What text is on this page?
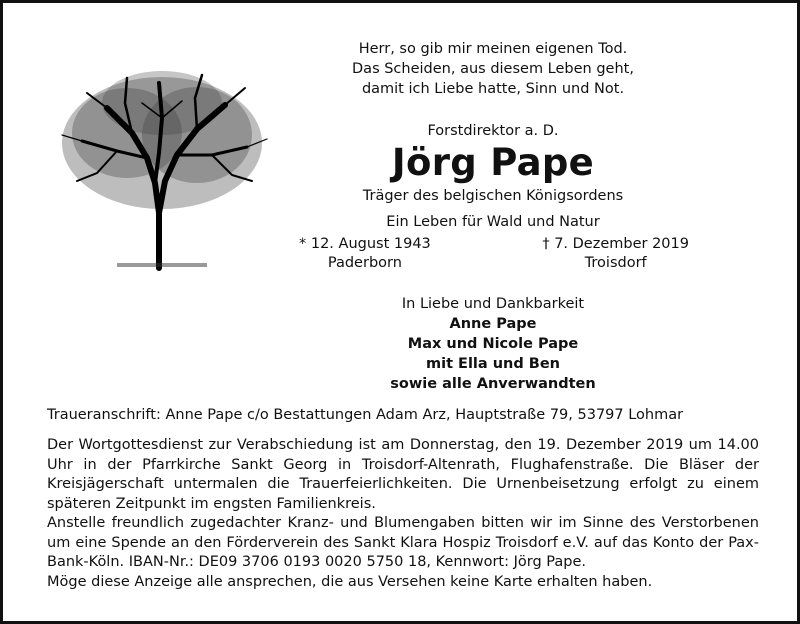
Herr, so gib mir meinen eigenen Tod.
Das Scheiden, aus diesem Leben geht,
damit ich Liebe hatte, Sinn und Not.
Forstdirektor a. D.
Jörg Pape
Träger des belgischen Königsordens
Ein Leben für Wald und Natur
* 12. August 1943
Paderborn
† 7. Dezember 2019
Troisdorf
In Liebe und Dankbarkeit
Anne Pape
Max und Nicole Pape
mit Ella und Ben
sowie alle Anverwandten
Traueranschrift: Anne Pape c/o Bestattungen Adam Arz, Hauptstraße 79, 53797 Lohmar

Der Wortgottesdienst zur Verabschiedung ist am Donnerstag, den 19. Dezember 2019 um 14.00 Uhr in der Pfarrkirche Sankt Georg in Troisdorf-Altenrath, Flughafenstraße. Die Bläser der Kreisjägerschaft untermalen die Trauerfeierlichkeiten. Die Urnenbeisetzung erfolgt zu einem späteren Zeitpunkt im engsten Familienkreis.

Anstelle freundlich zugedachter Kranz- und Blumengaben bitten wir im Sinne des Verstorbenen um eine Spende an den Förderverein des Sankt Klara Hospiz Troisdorf e.V. auf das Konto der Pax-Bank-Köln. IBAN-Nr.: DE09 3706 0193 0020 5750 18, Kennwort: Jörg Pape.

Möge diese Anzeige alle ansprechen, die aus Versehen keine Karte erhalten haben.
